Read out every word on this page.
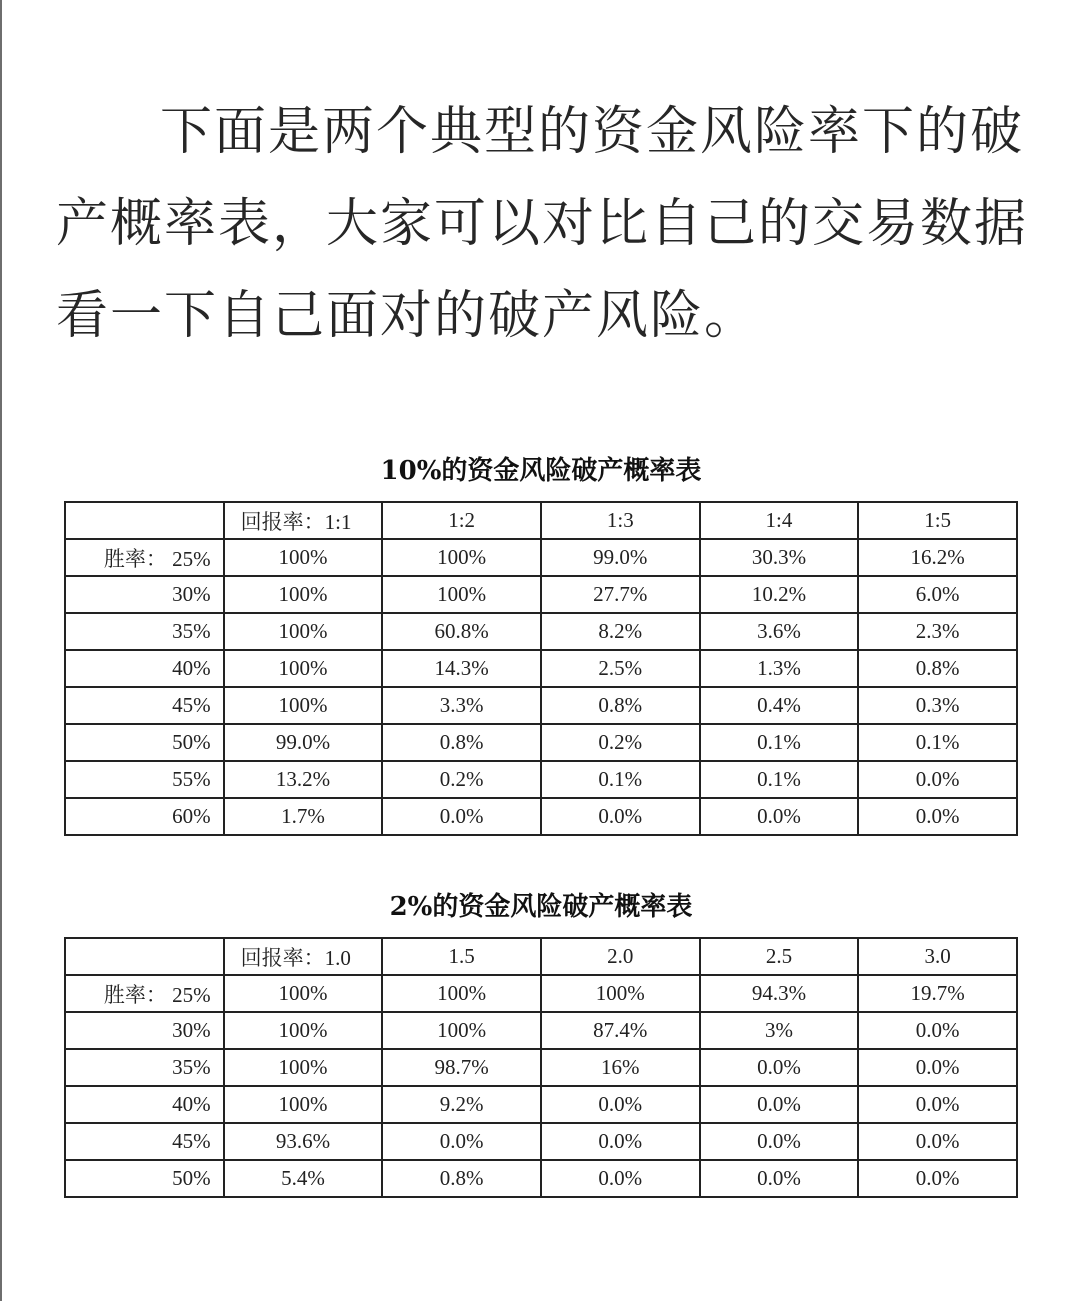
下面是两个典型的资金风险率下的破产概率表，大家可以对比自己的交易数据看一下自己面对的破产风险。

10%的资金风险破产概率表
	回报率：1:1	1:2	1:3	1:4	1:5
胜率： 25%	100%	100%	99.0%	30.3%	16.2%
30%	100%	100%	27.7%	10.2%	6.0%
35%	100%	60.8%	8.2%	3.6%	2.3%
40%	100%	14.3%	2.5%	1.3%	0.8%
45%	100%	3.3%	0.8%	0.4%	0.3%
50%	99.0%	0.8%	0.2%	0.1%	0.1%
55%	13.2%	0.2%	0.1%	0.1%	0.0%
60%	1.7%	0.0%	0.0%	0.0%	0.0%
2%的资金风险破产概率表
	回报率：1.0	1.5	2.0	2.5	3.0
胜率： 25%	100%	100%	100%	94.3%	19.7%
30%	100%	100%	87.4%	3%	0.0%
35%	100%	98.7%	16%	0.0%	0.0%
40%	100%	9.2%	0.0%	0.0%	0.0%
45%	93.6%	0.0%	0.0%	0.0%	0.0%
50%	5.4%	0.8%	0.0%	0.0%	0.0%
